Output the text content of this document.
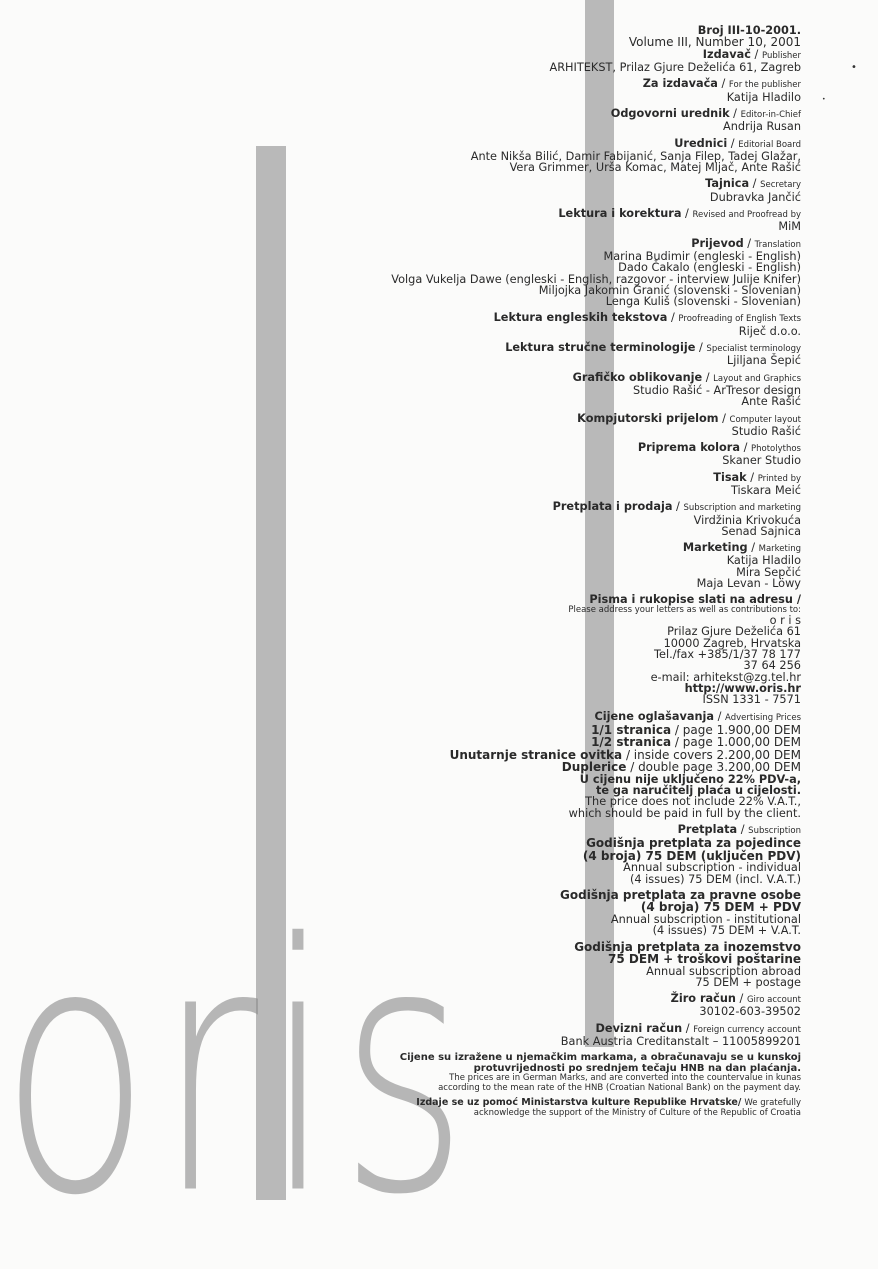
oris
Broj III-10-2001.
Volume III, Number 10, 2001
Izdavač / Publisher
ARHITEKST, Prilaz Gjure Deželića 61, Zagreb
Za izdavača / For the publisher
Katija Hladilo
Odgovorni urednik / Editor-in-Chief
Andrija Rusan
Urednici / Editorial Board
Ante Nikša Bilić, Damir Fabijanić, Sanja Filep, Tadej Glažar,
Vera Grimmer, Urša Komac, Matej Mljač, Ante Rašić
Tajnica / Secretary
Dubravka Jančić
Lektura i korektura / Revised and Proofread by
MiM
Prijevod / Translation
Marina Budimir (engleski - English)
Dado Čakalo (engleski - English)
Volga Vukelja Dawe (engleski - English, razgovor - interview Julije Knifer)
Miljojka Jakomin Granić (slovenski - Slovenian)
Lenga Kuliš (slovenski - Slovenian)
Lektura engleskih tekstova / Proofreading of English Texts
Riječ d.o.o.
Lektura stručne terminologije / Specialist terminology
Ljiljana Šepić
Grafičko oblikovanje / Layout and Graphics
Studio Rašić - ArTresor design
Ante Rašić
Kompjutorski prijelom / Computer layout
Studio Rašić
Priprema kolora / Photolythos
Skaner Studio
Tisak / Printed by
Tiskara Meić
Pretplata i prodaja / Subscription and marketing
Virdžinia Krivokuća
Senad Sajnica
Marketing / Marketing
Katija Hladilo
Mira Sepčić
Maja Levan - Löwy
Pisma i rukopise slati na adresu /
Please address your letters as well as contributions to:
o r i s
Prilaz Gjure Deželića 61
10000 Zagreb, Hrvatska
Tel./fax +385/1/37 78 177
37 64 256
e-mail: arhitekst@zg.tel.hr
http://www.oris.hr
ISSN 1331 - 7571
Cijene oglašavanja / Advertising Prices
1/1 stranica / page 1.900,00 DEM
1/2 stranica / page 1.000,00 DEM
Unutarnje stranice ovitka / inside covers 2.200,00 DEM
Duplerice / double page 3.200,00 DEM
U cijenu nije uključeno 22% PDV-a,
te ga naručitelj plaća u cijelosti.
The price does not include 22% V.A.T.,
which should be paid in full by the client.
Pretplata / Subscription
Godišnja pretplata za pojedince
(4 broja) 75 DEM (uključen PDV)
Annual subscription - individual
(4 issues) 75 DEM (incl. V.A.T.)
Godišnja pretplata za pravne osobe
(4 broja) 75 DEM + PDV
Annual subscription - institutional
(4 issues) 75 DEM + V.A.T.
Godišnja pretplata za inozemstvo
75 DEM + troškovi poštarine
Annual subscription abroad
75 DEM + postage
Žiro račun / Giro account
30102-603-39502
Devizni račun / Foreign currency account
Bank Austria Creditanstalt – 11005899201
Cijene su izražene u njemačkim markama, a obračunavaju se u kunskoj
protuvrijednosti po srednjem tečaju HNB na dan plaćanja.
The prices are in German Marks, and are converted into the countervalue in kunas
according to the mean rate of the HNB (Croatian National Bank) on the payment day.
Izdaje se uz pomoć Ministarstva kulture Republike Hrvatske/ We gratefully
acknowledge the support of the Ministry of Culture of the Republic of Croatia
•
•
